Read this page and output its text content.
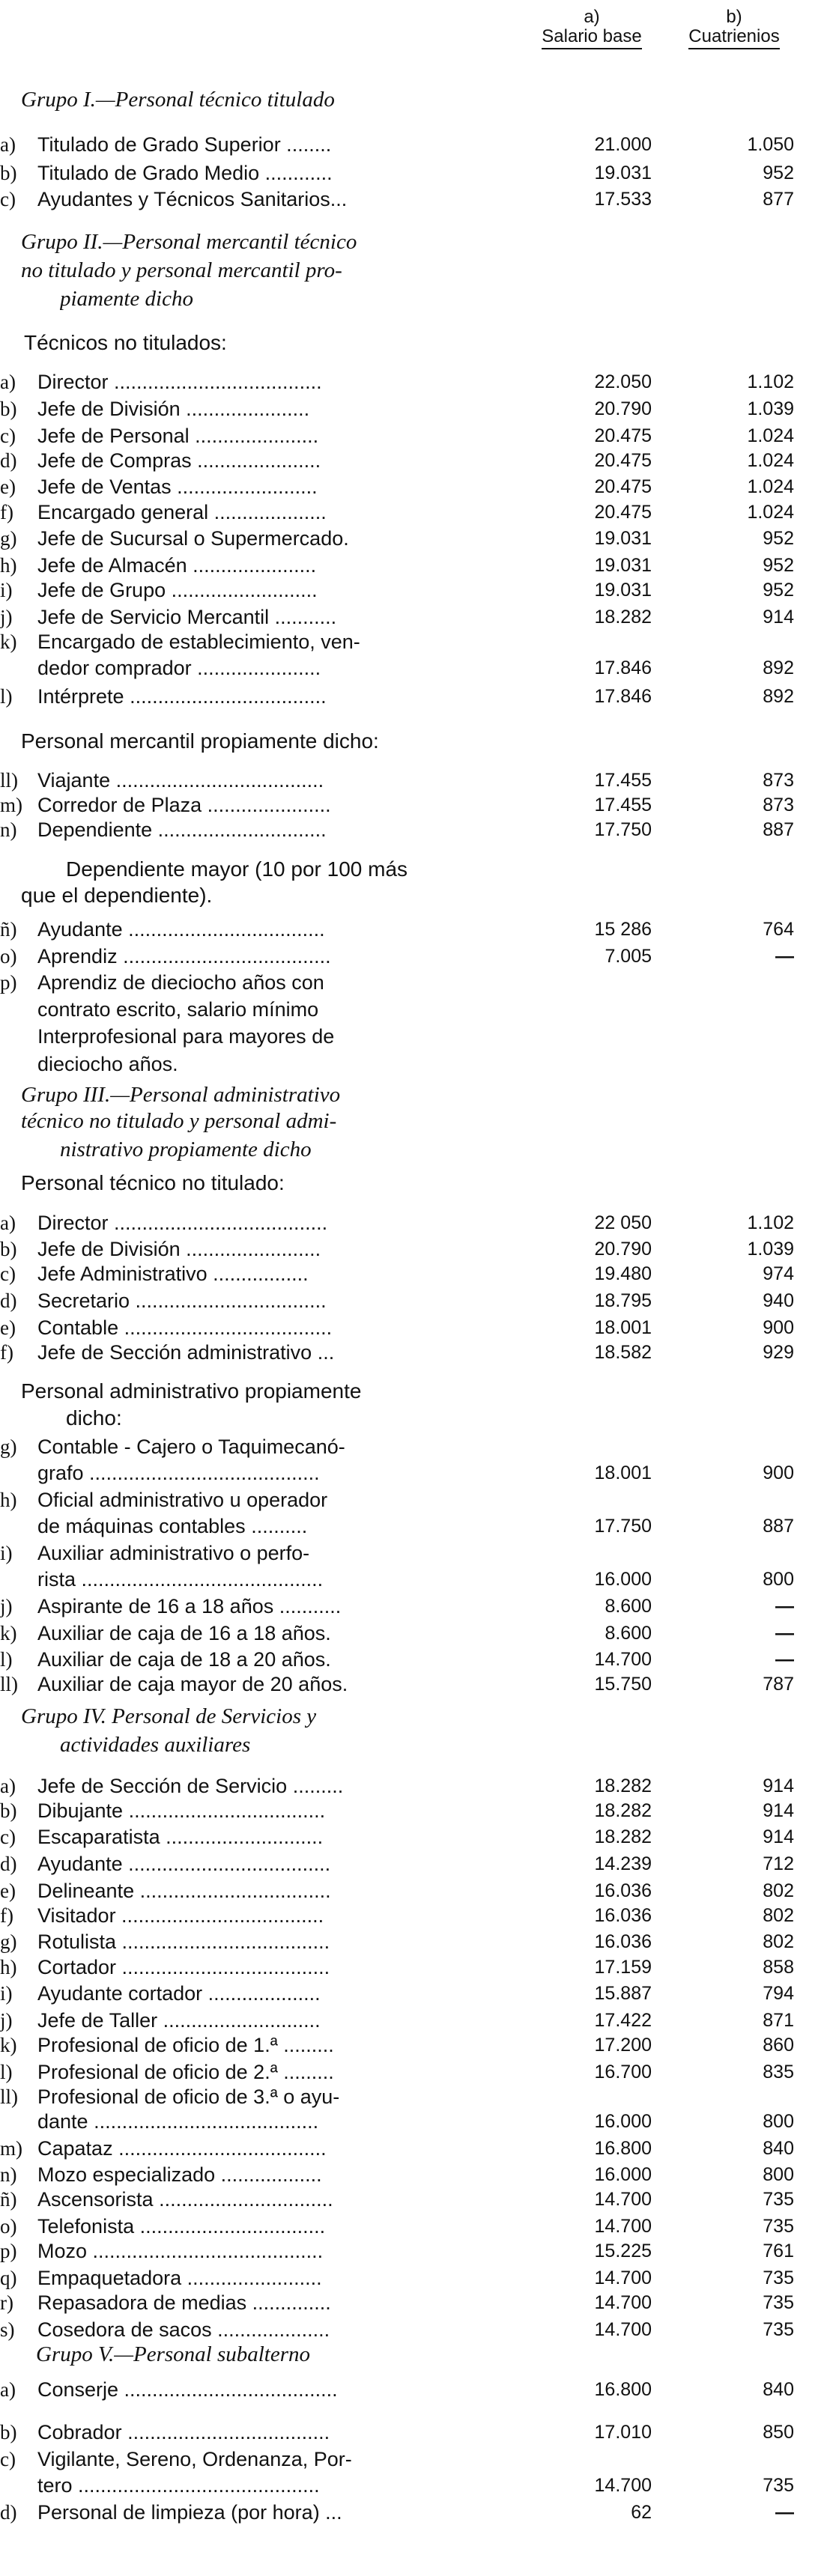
a)
Salario base
b)
Cuatrienios
Grupo I.—Personal técnico titulado
a)	Titulado de Grado Superior ........	21.000	1.050
b)	Titulado de Grado Medio ............	19.031	952
c)	Ayudantes y Técnicos Sanitarios...	17.533	877
Grupo II.—Personal mercantil técnico
no titulado y personal mercantil pro-
piamente dicho
Técnicos no titulados:
a)	Director .....................................	22.050	1.102
b)	Jefe de División ......................	20.790	1.039
c)	Jefe de Personal ......................	20.475	1.024
d)	Jefe de Compras ......................	20.475	1.024
e)	Jefe de Ventas .........................	20.475	1.024
f)	Encargado general ....................	20.475	1.024
g)	Jefe de Sucursal o Supermercado.	19.031	952
h)	Jefe de Almacén ......................	19.031	952
i)	Jefe de Grupo ..........................	19.031	952
j)	Jefe de Servicio Mercantil ...........	18.282	914
k)	Encargado de establecimiento, ven-
dedor comprador ......................	17.846	892
l)	Intérprete ...................................	17.846	892
Personal mercantil propiamente dicho:
ll) Viajante .....................................	17.455	873
m) Corredor de Plaza ......................	17.455	873
n)	Dependiente ..............................	17.750	887
Dependiente mayor (10 por 100 más
que el dependiente).
ñ)	Ayudante ...................................	15 286	764
o)	Aprendiz .....................................	7.005	—
p)	Aprendiz de dieciocho años con
contrato escrito, salario mínimo
Interprofesional para mayores de
dieciocho años.
Grupo III.—Personal administrativo
técnico no titulado y personal admi-
nistrativo propiamente dicho
Personal técnico no titulado:
a)	Director ......................................	22 050	1.102
b)	Jefe de División ........................	20.790	1.039
c)	Jefe Administrativo .................	19.480	974
d)	Secretario ..................................	18.795	940
e)	Contable .....................................	18.001	900
f)	Jefe de Sección administrativo ...	18.582	929
Personal administrativo propiamente
dicho:
g)	Contable - Cajero o Taquimecanó-
grafo .........................................	18.001	900
h)	Oficial administrativo u operador
de máquinas contables ..........	17.750	887
i)	Auxiliar administrativo o perfo-
rista ...........................................	16.000	800
j)	Aspirante de 16 a 18 años ...........	8.600	—
k)	Auxiliar de caja de 16 a 18 años.	8.600	—
l)	Auxiliar de caja de 18 a 20 años.	14.700	—
ll) Auxiliar de caja mayor de 20 años.	15.750	787
Grupo IV. Personal de Servicios y
actividades auxiliares
a)	Jefe de Sección de Servicio .........	18.282	914
b)	Dibujante ...................................	18.282	914
c)	Escaparatista ............................	18.282	914
d)	Ayudante ....................................	14.239	712
e)	Delineante ..................................	16.036	802
f)	Visitador ....................................	16.036	802
g)	Rotulista .....................................	16.036	802
h)	Cortador .....................................	17.159	858
i)	Ayudante cortador ....................	15.887	794
j)	Jefe de Taller ............................	17.422	871
k)	Profesional de oficio de 1.ª .........	17.200	860
l)	Profesional de oficio de 2.ª .........	16.700	835
ll) Profesional de oficio de 3.ª o ayu-
dante ........................................	16.000	800
m) Capataz .....................................	16.800	840
n)	Mozo especializado ..................	16.000	800
ñ)	Ascensorista ...............................	14.700	735
o)	Telefonista .................................	14.700	735
p)	Mozo .........................................	15.225	761
q)	Empaquetadora ........................	14.700	735
r)	Repasadora de medias ..............	14.700	735
s)	Cosedora de sacos ....................	14.700	735
Grupo V.—Personal subalterno
a)	Conserje ......................................	16.800	840
b)	Cobrador ....................................	17.010	850
c)	Vigilante, Sereno, Ordenanza, Por-
tero ...........................................	14.700	735
d)	Personal de limpieza (por hora) ...	62	—
